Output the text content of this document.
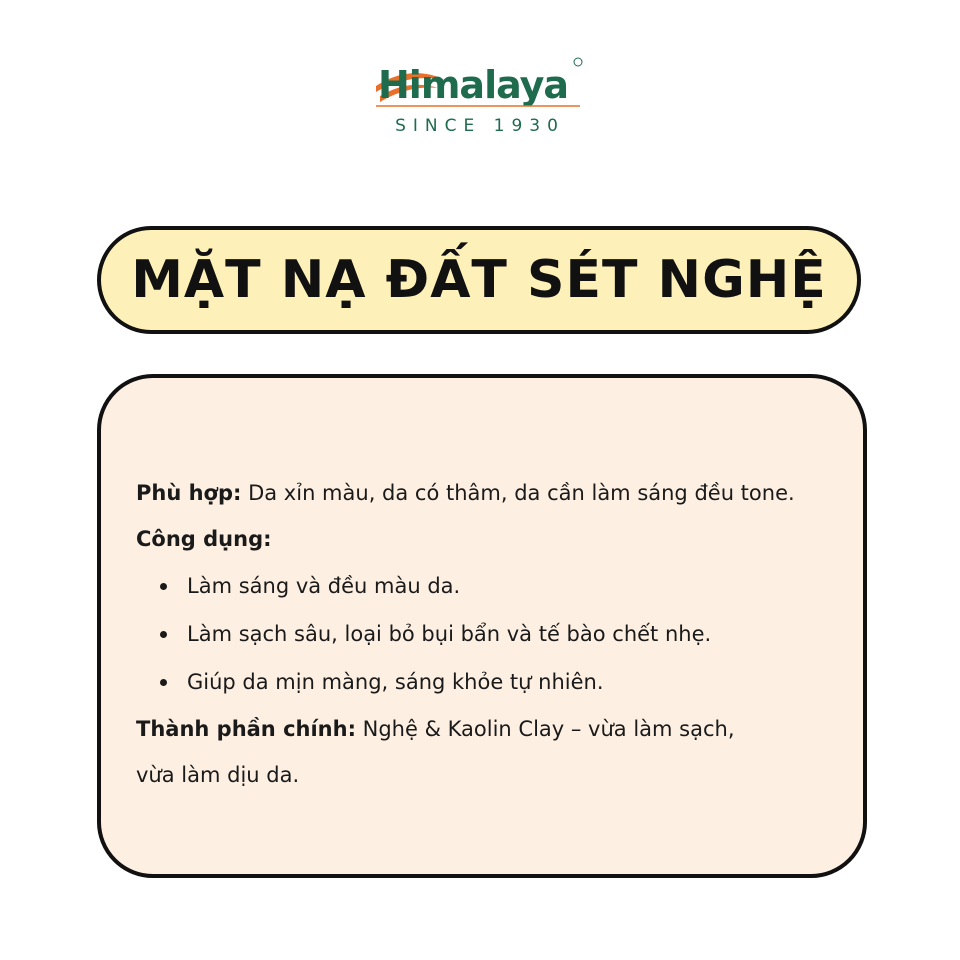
Himalaya
SINCE 1930
MẶT NẠ ĐẤT SÉT NGHỆ
Phù hợp: Da xỉn màu, da có thâm, da cần làm sáng đều tone.
Công dụng:
Làm sáng và đều màu da.
Làm sạch sâu, loại bỏ bụi bẩn và tế bào chết nhẹ.
Giúp da mịn màng, sáng khỏe tự nhiên.
Thành phần chính: Nghệ & Kaolin Clay – vừa làm sạch,
vừa làm dịu da.
